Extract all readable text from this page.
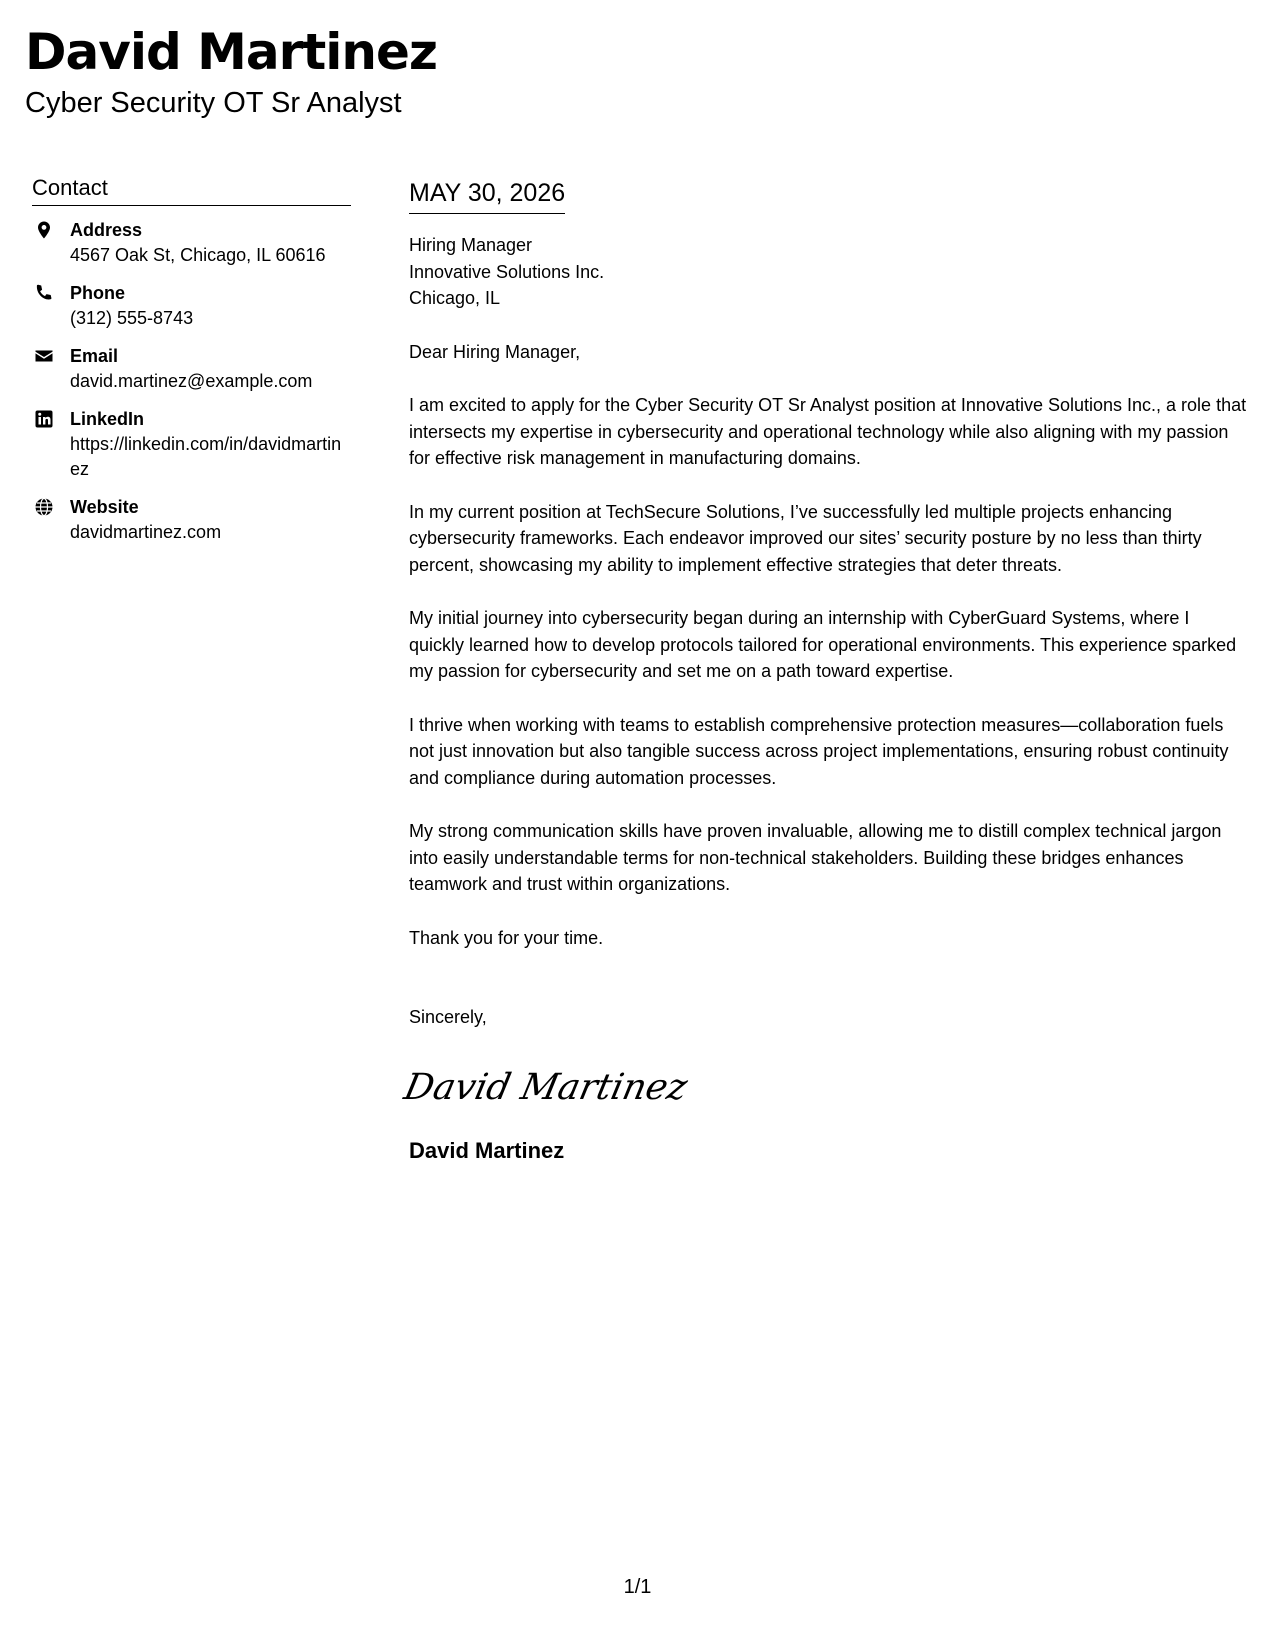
David Martinez
Cyber Security OT Sr Analyst
Contact
Address
4567 Oak St, Chicago, IL 60616
Phone
(312) 555-8743
Email
david.martinez@example.com
LinkedIn
https://linkedin.com/in/davidmartinez
Website
davidmartinez.com
MAY 30, 2026
Hiring Manager
Innovative Solutions Inc.
Chicago, IL
Dear Hiring Manager,
I am excited to apply for the Cyber Security OT Sr Analyst position at Innovative Solutions Inc., a role that intersects my expertise in cybersecurity and operational technology while also aligning with my passion for effective risk management in manufacturing domains.
In my current position at TechSecure Solutions, I’ve successfully led multiple projects enhancing cybersecurity frameworks. Each endeavor improved our sites’ security posture by no less than thirty percent, showcasing my ability to implement effective strategies that deter threats.
My initial journey into cybersecurity began during an internship with CyberGuard Systems, where I quickly learned how to develop protocols tailored for operational environments. This experience sparked my passion for cybersecurity and set me on a path toward expertise.
I thrive when working with teams to establish comprehensive protection measures—collaboration fuels not just innovation but also tangible success across project implementations, ensuring robust continuity and compliance during automation processes.
My strong communication skills have proven invaluable, allowing me to distill complex technical jargon into easily understandable terms for non-technical stakeholders. Building these bridges enhances teamwork and trust within organizations.
Thank you for your time.
Sincerely,
David Martinez
David Martinez
1/1
